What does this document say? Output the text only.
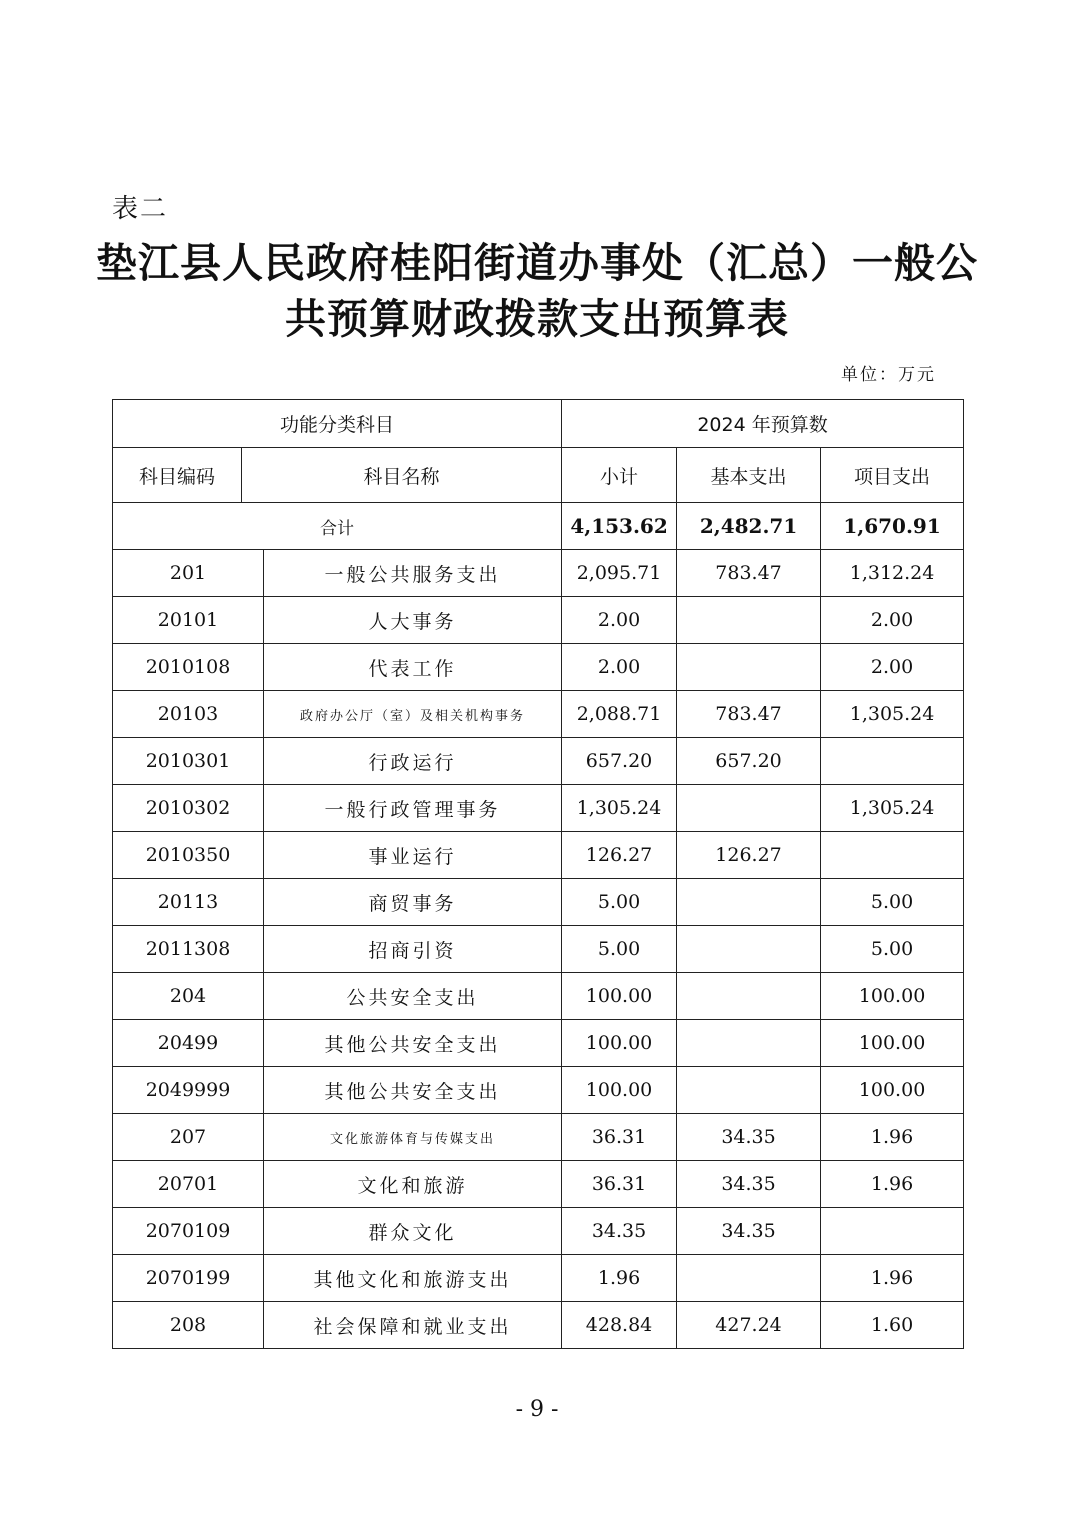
表二
垫江县人民政府桂阳街道办事处（汇总）一般公
共预算财政拨款支出预算表
单位：万元
功能分类科目			2024 年预算数		
科目编码	科目名称		小计	基本支出	项目支出
合计			4,153.62	2,482.71	1,670.91
201		一般公共服务支出	2,095.71	783.47	1,312.24
20101		人大事务	2.00		2.00
2010108		代表工作	2.00		2.00
20103		政府办公厅（室）及相关机构事务	2,088.71	783.47	1,305.24
2010301		行政运行	657.20	657.20	
2010302		一般行政管理事务	1,305.24		1,305.24
2010350		事业运行	126.27	126.27	
20113		商贸事务	5.00		5.00
2011308		招商引资	5.00		5.00
204		公共安全支出	100.00		100.00
20499		其他公共安全支出	100.00		100.00
2049999		其他公共安全支出	100.00		100.00
207		文化旅游体育与传媒支出	36.31	34.35	1.96
20701		文化和旅游	36.31	34.35	1.96
2070109		群众文化	34.35	34.35	
2070199		其他文化和旅游支出	1.96		1.96
208		社会保障和就业支出	428.84	427.24	1.60
- 9 -
